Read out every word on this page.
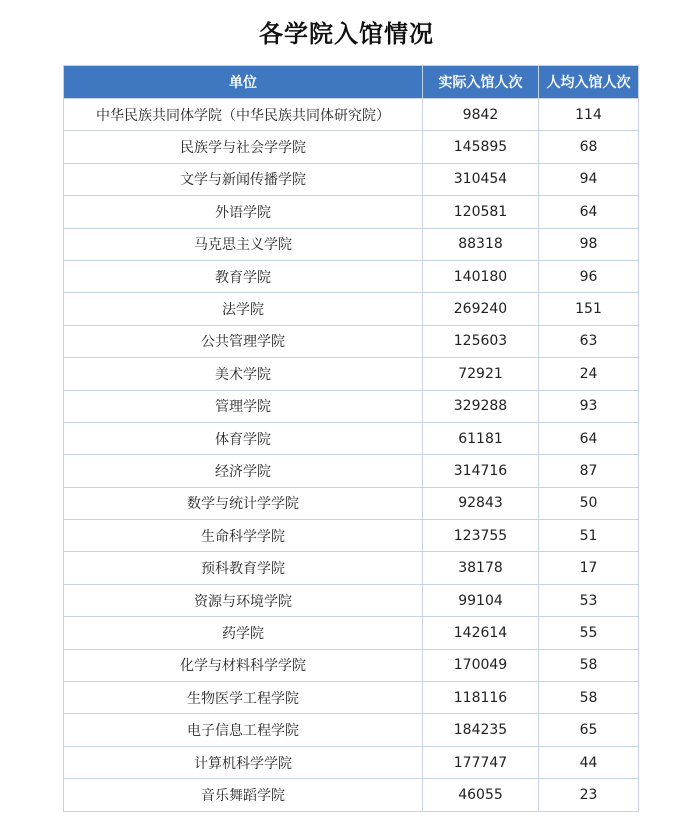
各学院入馆情况
单位	实际入馆人次	人均入馆人次
中华民族共同体学院（中华民族共同体研究院）	9842	114
民族学与社会学学院	145895	68
文学与新闻传播学院	310454	94
外语学院	120581	64
马克思主义学院	88318	98
教育学院	140180	96
法学院	269240	151
公共管理学院	125603	63
美术学院	72921	24
管理学院	329288	93
体育学院	61181	64
经济学院	314716	87
数学与统计学学院	92843	50
生命科学学院	123755	51
预科教育学院	38178	17
资源与环境学院	99104	53
药学院	142614	55
化学与材料科学学院	170049	58
生物医学工程学院	118116	58
电子信息工程学院	184235	65
计算机科学学院	177747	44
音乐舞蹈学院	46055	23
